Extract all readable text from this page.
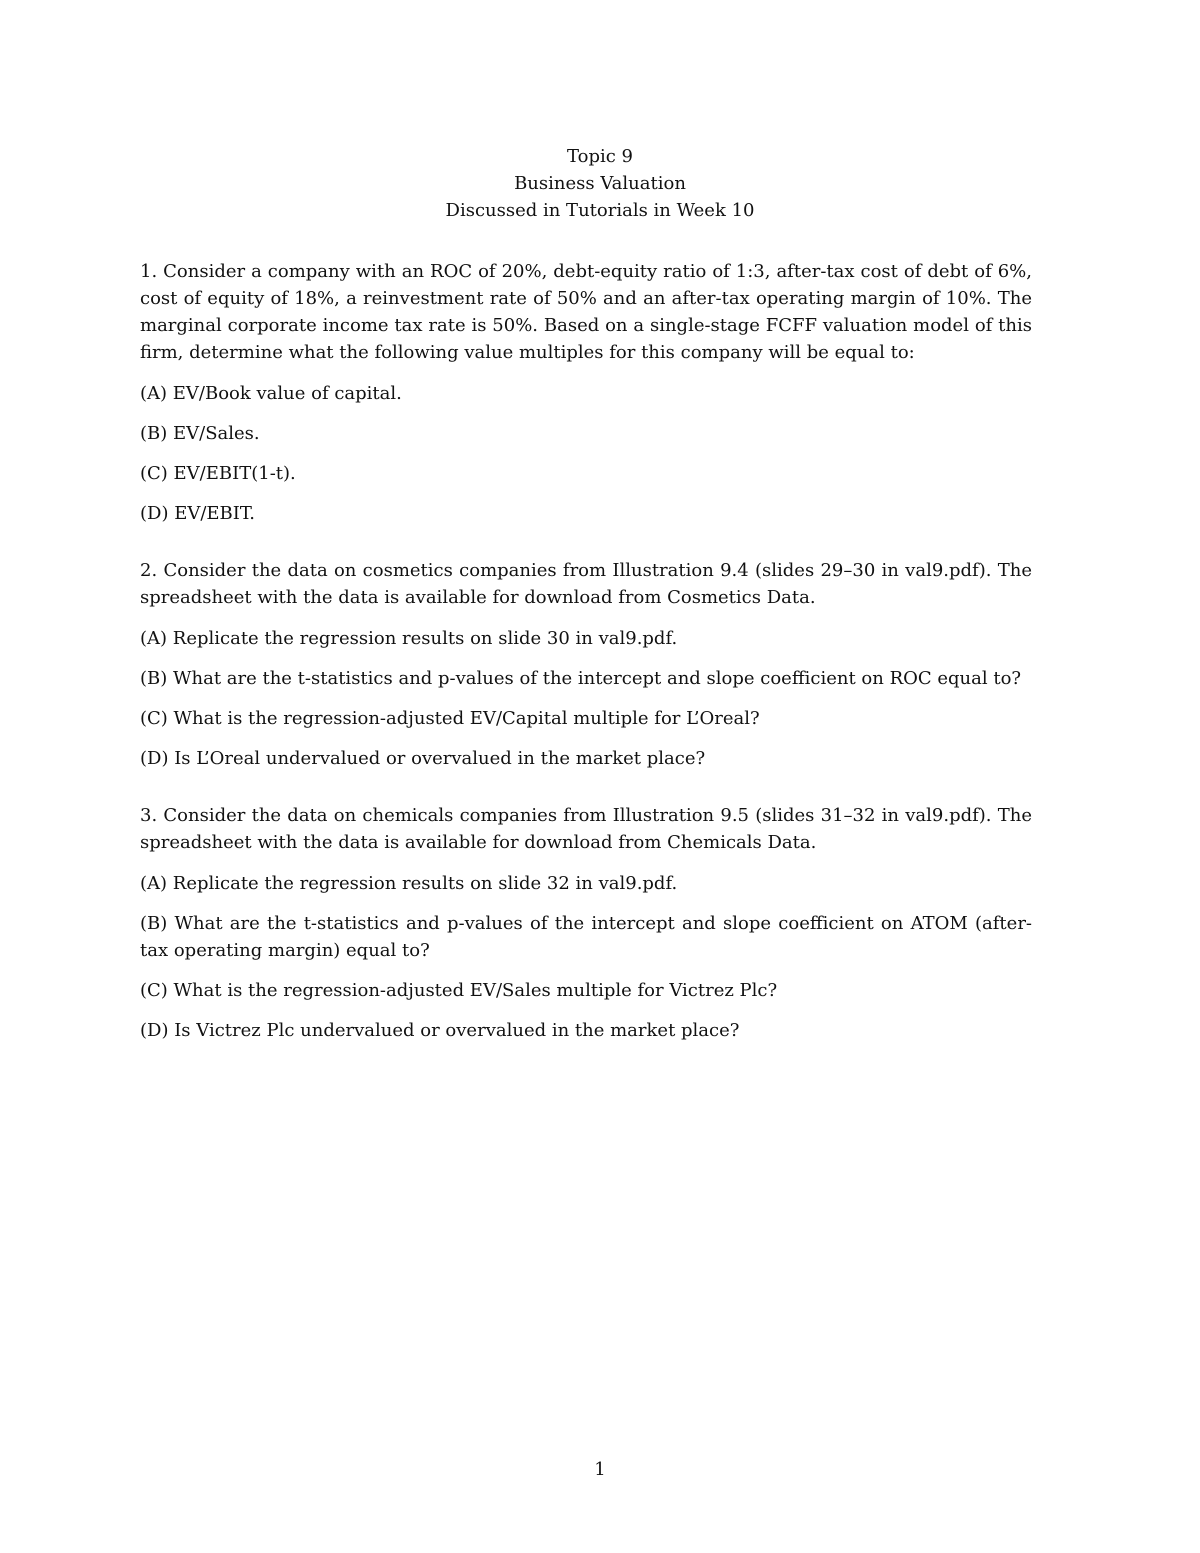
Topic 9
Business Valuation
Discussed in Tutorials in Week 10

1. Consider a company with an ROC of 20%, debt-equity ratio of 1:3, after-tax cost of debt of 6%, cost of equity of 18%, a reinvestment rate of 50% and an after-tax operating margin of 10%. The marginal corporate income tax rate is 50%. Based on a single-stage FCFF valuation model of this firm, determine what the following value multiples for this company will be equal to:

(A) EV/Book value of capital.

(B) EV/Sales.

(C) EV/EBIT(1-t).

(D) EV/EBIT.

2. Consider the data on cosmetics companies from Illustration 9.4 (slides 29–30 in val9.pdf). The spreadsheet with the data is available for download from Cosmetics Data.

(A) Replicate the regression results on slide 30 in val9.pdf.

(B) What are the t-statistics and p-values of the intercept and slope coefficient on ROC equal to?

(C) What is the regression-adjusted EV/Capital multiple for L’Oreal?

(D) Is L’Oreal undervalued or overvalued in the market place?

3. Consider the data on chemicals companies from Illustration 9.5 (slides 31–32 in val9.pdf). The spreadsheet with the data is available for download from Chemicals Data.

(A) Replicate the regression results on slide 32 in val9.pdf.

(B) What are the t-statistics and p-values of the intercept and slope coefficient on ATOM (after-tax operating margin) equal to?

(C) What is the regression-adjusted EV/Sales multiple for Victrez Plc?

(D) Is Victrez Plc undervalued or overvalued in the market place?

1
